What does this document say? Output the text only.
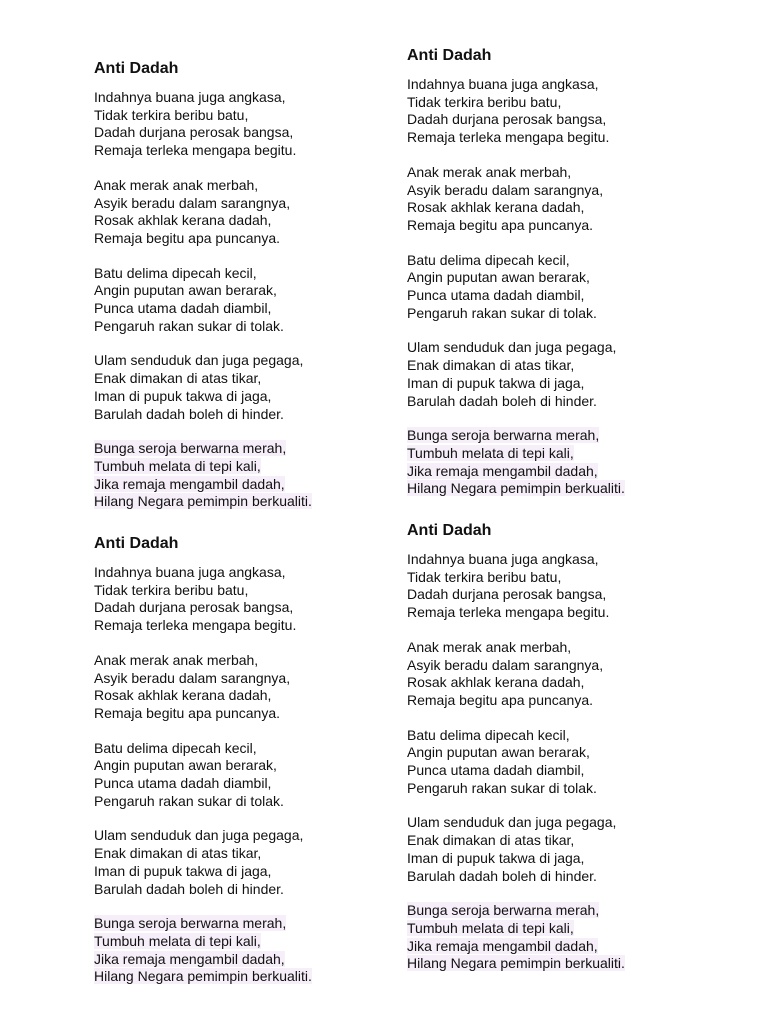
Anti Dadah
Indahnya buana juga angkasa,
Tidak terkira beribu batu,
Dadah durjana perosak bangsa,
Remaja terleka mengapa begitu.
Anak merak anak merbah,
Asyik beradu dalam sarangnya,
Rosak akhlak kerana dadah,
Remaja begitu apa puncanya.
Batu delima dipecah kecil,
Angin puputan awan berarak,
Punca utama dadah diambil,
Pengaruh rakan sukar di tolak.
Ulam senduduk dan juga pegaga,
Enak dimakan di atas tikar,
Iman di pupuk takwa di jaga,
Barulah dadah boleh di hinder.
Bunga seroja berwarna merah,
Tumbuh melata di tepi kali,
Jika remaja mengambil dadah,
Hilang Negara pemimpin berkualiti.
Anti Dadah
Indahnya buana juga angkasa,
Tidak terkira beribu batu,
Dadah durjana perosak bangsa,
Remaja terleka mengapa begitu.
Anak merak anak merbah,
Asyik beradu dalam sarangnya,
Rosak akhlak kerana dadah,
Remaja begitu apa puncanya.
Batu delima dipecah kecil,
Angin puputan awan berarak,
Punca utama dadah diambil,
Pengaruh rakan sukar di tolak.
Ulam senduduk dan juga pegaga,
Enak dimakan di atas tikar,
Iman di pupuk takwa di jaga,
Barulah dadah boleh di hinder.
Bunga seroja berwarna merah,
Tumbuh melata di tepi kali,
Jika remaja mengambil dadah,
Hilang Negara pemimpin berkualiti.
Anti Dadah
Indahnya buana juga angkasa,
Tidak terkira beribu batu,
Dadah durjana perosak bangsa,
Remaja terleka mengapa begitu.
Anak merak anak merbah,
Asyik beradu dalam sarangnya,
Rosak akhlak kerana dadah,
Remaja begitu apa puncanya.
Batu delima dipecah kecil,
Angin puputan awan berarak,
Punca utama dadah diambil,
Pengaruh rakan sukar di tolak.
Ulam senduduk dan juga pegaga,
Enak dimakan di atas tikar,
Iman di pupuk takwa di jaga,
Barulah dadah boleh di hinder.
Bunga seroja berwarna merah,
Tumbuh melata di tepi kali,
Jika remaja mengambil dadah,
Hilang Negara pemimpin berkualiti.
Anti Dadah
Indahnya buana juga angkasa,
Tidak terkira beribu batu,
Dadah durjana perosak bangsa,
Remaja terleka mengapa begitu.
Anak merak anak merbah,
Asyik beradu dalam sarangnya,
Rosak akhlak kerana dadah,
Remaja begitu apa puncanya.
Batu delima dipecah kecil,
Angin puputan awan berarak,
Punca utama dadah diambil,
Pengaruh rakan sukar di tolak.
Ulam senduduk dan juga pegaga,
Enak dimakan di atas tikar,
Iman di pupuk takwa di jaga,
Barulah dadah boleh di hinder.
Bunga seroja berwarna merah,
Tumbuh melata di tepi kali,
Jika remaja mengambil dadah,
Hilang Negara pemimpin berkualiti.
